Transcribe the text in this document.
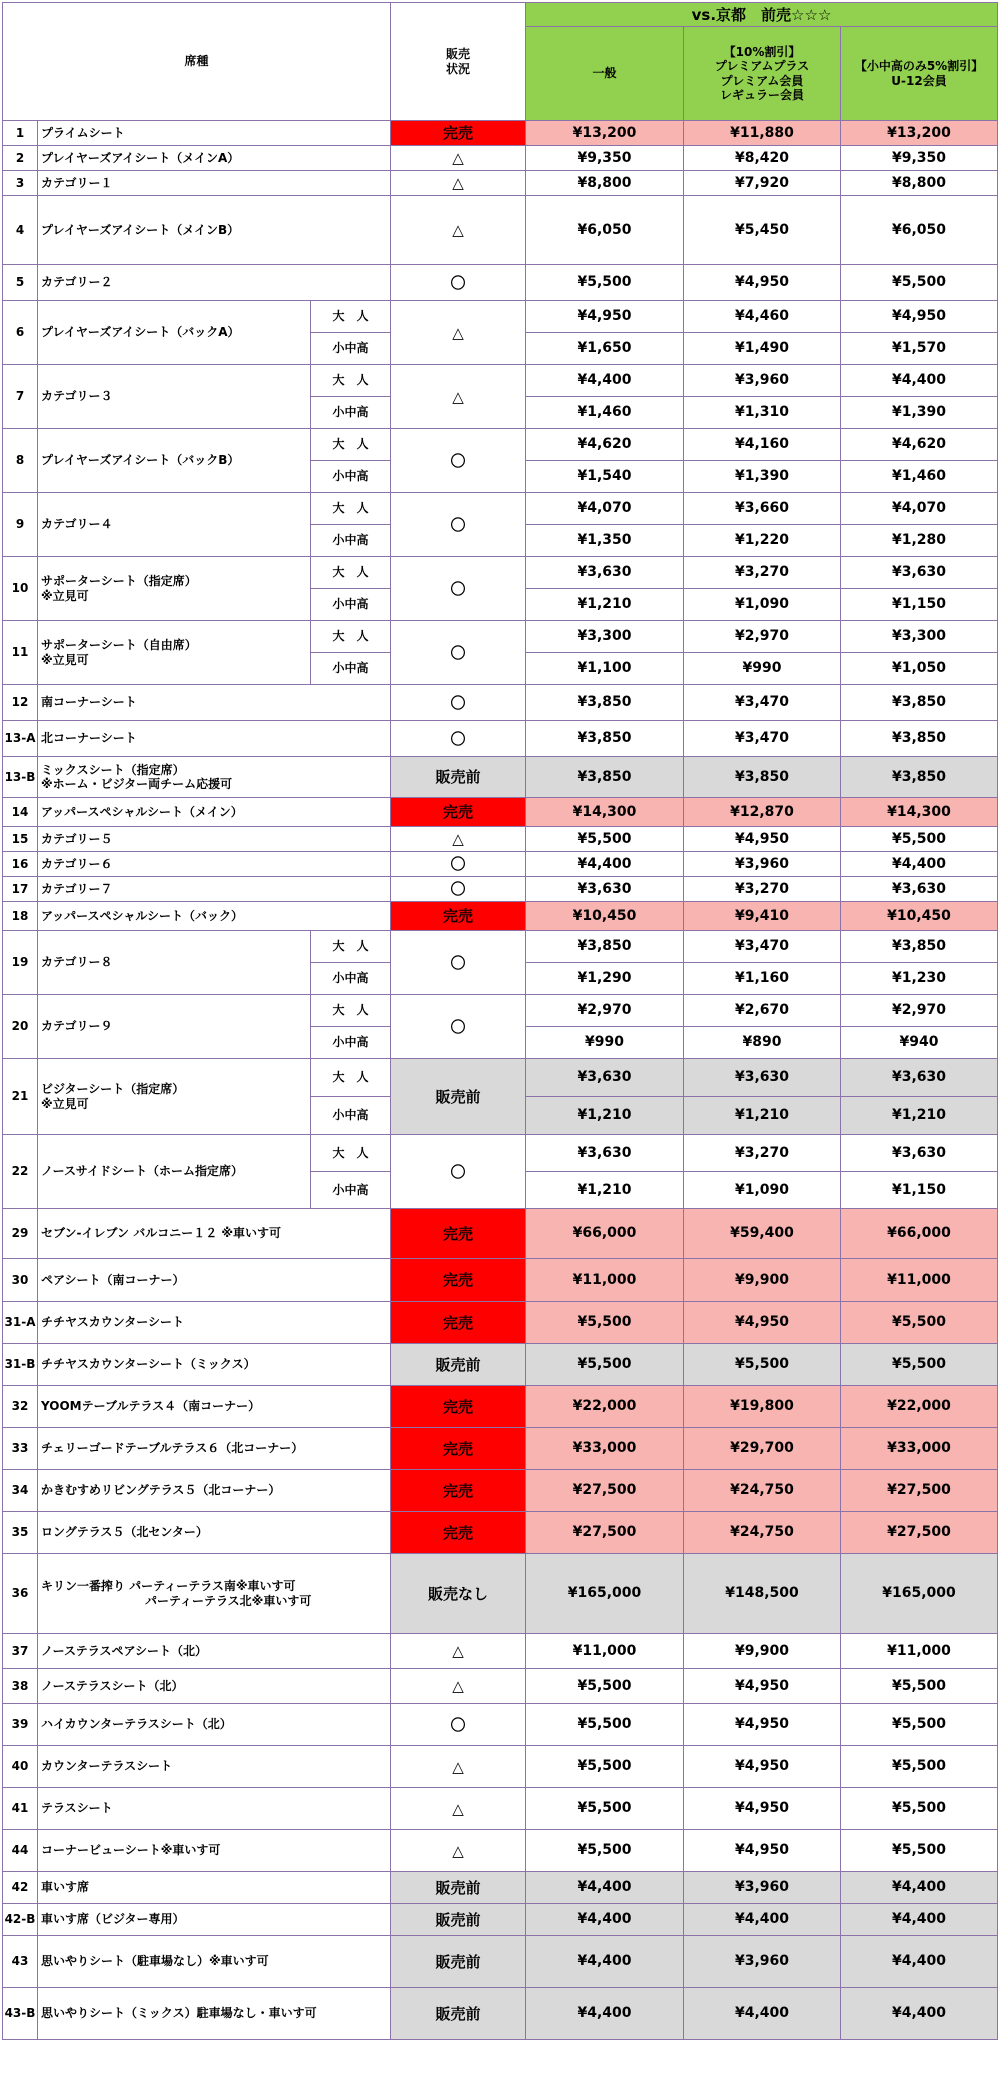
席種			販売
状況	vs.京都　前売☆☆☆		
				一般	【10%割引】
プレミアムプラス
プレミアム会員
レギュラー会員	【小中高のみ5%割引】
U-12会員
1	プライムシート		完売	¥13,200	¥11,880	¥13,200
2	プレイヤーズアイシート（メインA）		△	¥9,350	¥8,420	¥9,350
3	カテゴリー１		△	¥8,800	¥7,920	¥8,800
4	プレイヤーズアイシート（メインB）		△	¥6,050	¥5,450	¥6,050
5	カテゴリー２		〇	¥5,500	¥4,950	¥5,500
6	プレイヤーズアイシート（バックA）	大　人	△	¥4,950	¥4,460	¥4,950
		小中高		¥1,650	¥1,490	¥1,570
7	カテゴリー３	大　人	△	¥4,400	¥3,960	¥4,400
		小中高		¥1,460	¥1,310	¥1,390
8	プレイヤーズアイシート（バックB）	大　人	〇	¥4,620	¥4,160	¥4,620
		小中高		¥1,540	¥1,390	¥1,460
9	カテゴリー４	大　人	〇	¥4,070	¥3,660	¥4,070
		小中高		¥1,350	¥1,220	¥1,280
10	サポーターシート（指定席）
※立見可	大　人	〇	¥3,630	¥3,270	¥3,630
		小中高		¥1,210	¥1,090	¥1,150
11	サポーターシート（自由席）
※立見可	大　人	〇	¥3,300	¥2,970	¥3,300
		小中高		¥1,100	¥990	¥1,050
12	南コーナーシート		〇	¥3,850	¥3,470	¥3,850
13-A	北コーナーシート		〇	¥3,850	¥3,470	¥3,850
13-B	ミックスシート（指定席）
※ホーム・ビジター両チーム応援可		販売前	¥3,850	¥3,850	¥3,850
14	アッパースペシャルシート（メイン）		完売	¥14,300	¥12,870	¥14,300
15	カテゴリー５		△	¥5,500	¥4,950	¥5,500
16	カテゴリー６		〇	¥4,400	¥3,960	¥4,400
17	カテゴリー７		〇	¥3,630	¥3,270	¥3,630
18	アッパースペシャルシート（バック）		完売	¥10,450	¥9,410	¥10,450
19	カテゴリー８	大　人	〇	¥3,850	¥3,470	¥3,850
		小中高		¥1,290	¥1,160	¥1,230
20	カテゴリー９	大　人	〇	¥2,970	¥2,670	¥2,970
		小中高		¥990	¥890	¥940
21	ビジターシート（指定席）
※立見可	大　人	販売前	¥3,630	¥3,630	¥3,630
		小中高		¥1,210	¥1,210	¥1,210
22	ノースサイドシート（ホーム指定席）	大　人	〇	¥3,630	¥3,270	¥3,630
		小中高		¥1,210	¥1,090	¥1,150
29	セブン-イレブン バルコニー１２ ※車いす可		完売	¥66,000	¥59,400	¥66,000
30	ペアシート（南コーナー）		完売	¥11,000	¥9,900	¥11,000
31-A	チチヤスカウンターシート		完売	¥5,500	¥4,950	¥5,500
31-B	チチヤスカウンターシート（ミックス）		販売前	¥5,500	¥5,500	¥5,500
32	YOOMテーブルテラス４（南コーナー）		完売	¥22,000	¥19,800	¥22,000
33	チェリーゴードテーブルテラス６（北コーナー）		完売	¥33,000	¥29,700	¥33,000
34	かきむすめリビングテラス５（北コーナー）		完売	¥27,500	¥24,750	¥27,500
35	ロングテラス５（北センター）		完売	¥27,500	¥24,750	¥27,500
36	キリン一番搾り パーティーテラス南※車いす可
パーティーテラス北※車いす可		販売なし	¥165,000	¥148,500	¥165,000
37	ノーステラスペアシート（北）		△	¥11,000	¥9,900	¥11,000
38	ノーステラスシート（北）		△	¥5,500	¥4,950	¥5,500
39	ハイカウンターテラスシート（北）		〇	¥5,500	¥4,950	¥5,500
40	カウンターテラスシート		△	¥5,500	¥4,950	¥5,500
41	テラスシート		△	¥5,500	¥4,950	¥5,500
44	コーナービューシート※車いす可		△	¥5,500	¥4,950	¥5,500
42	車いす席		販売前	¥4,400	¥3,960	¥4,400
42-B	車いす席（ビジター専用）		販売前	¥4,400	¥4,400	¥4,400
43	思いやりシート（駐車場なし）※車いす可		販売前	¥4,400	¥3,960	¥4,400
43-B	思いやりシート（ミックス）駐車場なし・車いす可		販売前	¥4,400	¥4,400	¥4,400
